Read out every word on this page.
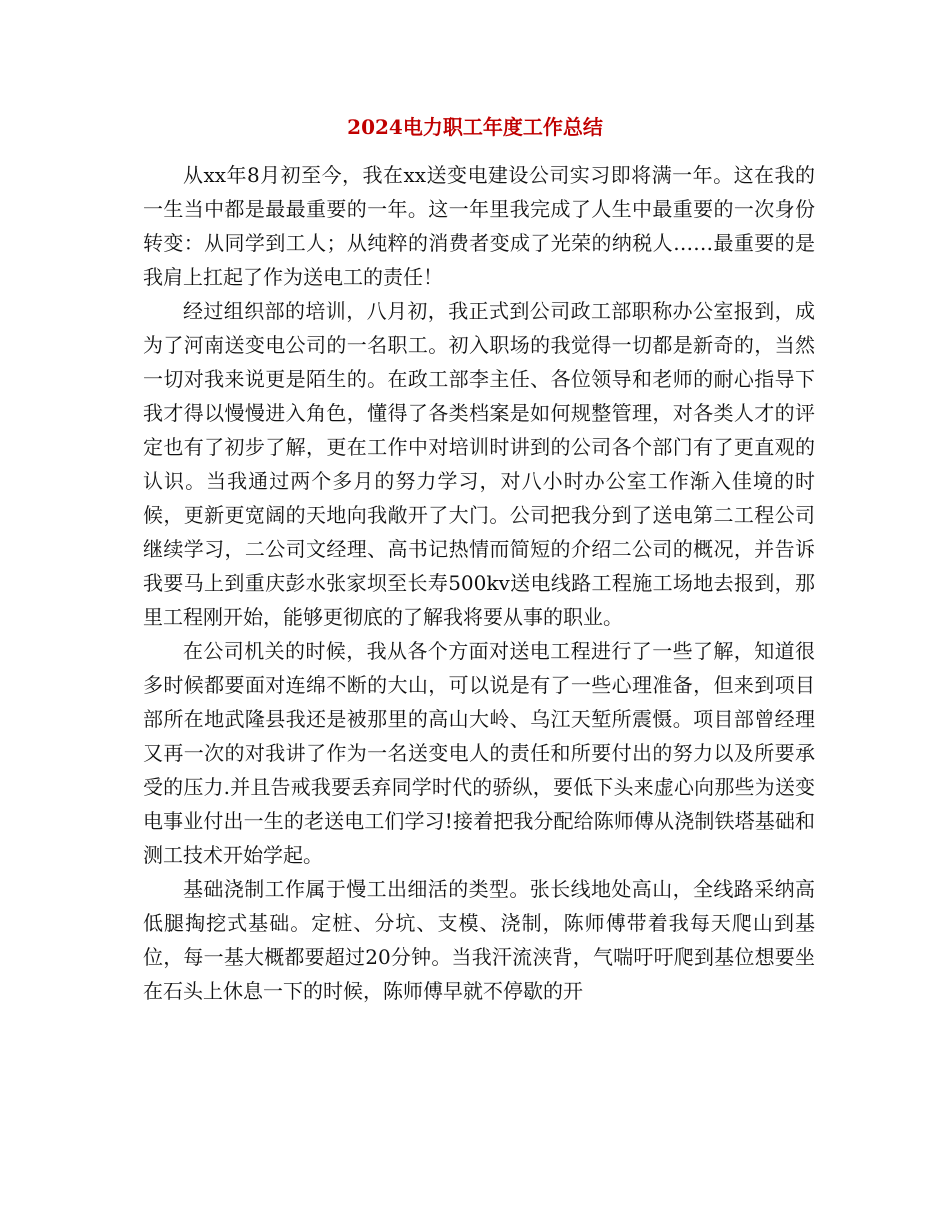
2024电力职工年度工作总结

从xx年8月初至今，我在xx送变电建设公司实习即将满一年。这在我的一生当中都是最最重要的一年。这一年里我完成了人生中最重要的一次身份转变：从同学到工人；从纯粹的消费者变成了光荣的纳税人……最重要的是我肩上扛起了作为送电工的责任！

经过组织部的培训，八月初，我正式到公司政工部职称办公室报到，成为了河南送变电公司的一名职工。初入职场的我觉得一切都是新奇的，当然一切对我来说更是陌生的。在政工部李主任、各位领导和老师的耐心指导下我才得以慢慢进入角色，懂得了各类档案是如何规整管理，对各类人才的评定也有了初步了解，更在工作中对培训时讲到的公司各个部门有了更直观的认识。当我通过两个多月的努力学习，对八小时办公室工作渐入佳境的时候，更新更宽阔的天地向我敞开了大门。公司把我分到了送电第二工程公司继续学习，二公司文经理、高书记热情而简短的介绍二公司的概况，并告诉我要马上到重庆彭水张家坝至长寿500kv送电线路工程施工场地去报到，那里工程刚开始，能够更彻底的了解我将要从事的职业。

在公司机关的时候，我从各个方面对送电工程进行了一些了解，知道很多时候都要面对连绵不断的大山，可以说是有了一些心理准备，但来到项目部所在地武隆县我还是被那里的高山大岭、乌江天堑所震慑。项目部曾经理又再一次的对我讲了作为一名送变电人的责任和所要付出的努力以及所要承受的压力.并且告戒我要丢弃同学时代的骄纵，要低下头来虚心向那些为送变电事业付出一生的老送电工们学习!接着把我分配给陈师傅从浇制铁塔基础和测工技术开始学起。

基础浇制工作属于慢工出细活的类型。张长线地处高山，全线路采纳高低腿掏挖式基础。定桩、分坑、支模、浇制，陈师傅带着我每天爬山到基位，每一基大概都要超过20分钟。当我汗流浃背，气喘吁吁爬到基位想要坐在石头上休息一下的时候，陈师傅早就不停歇的开
